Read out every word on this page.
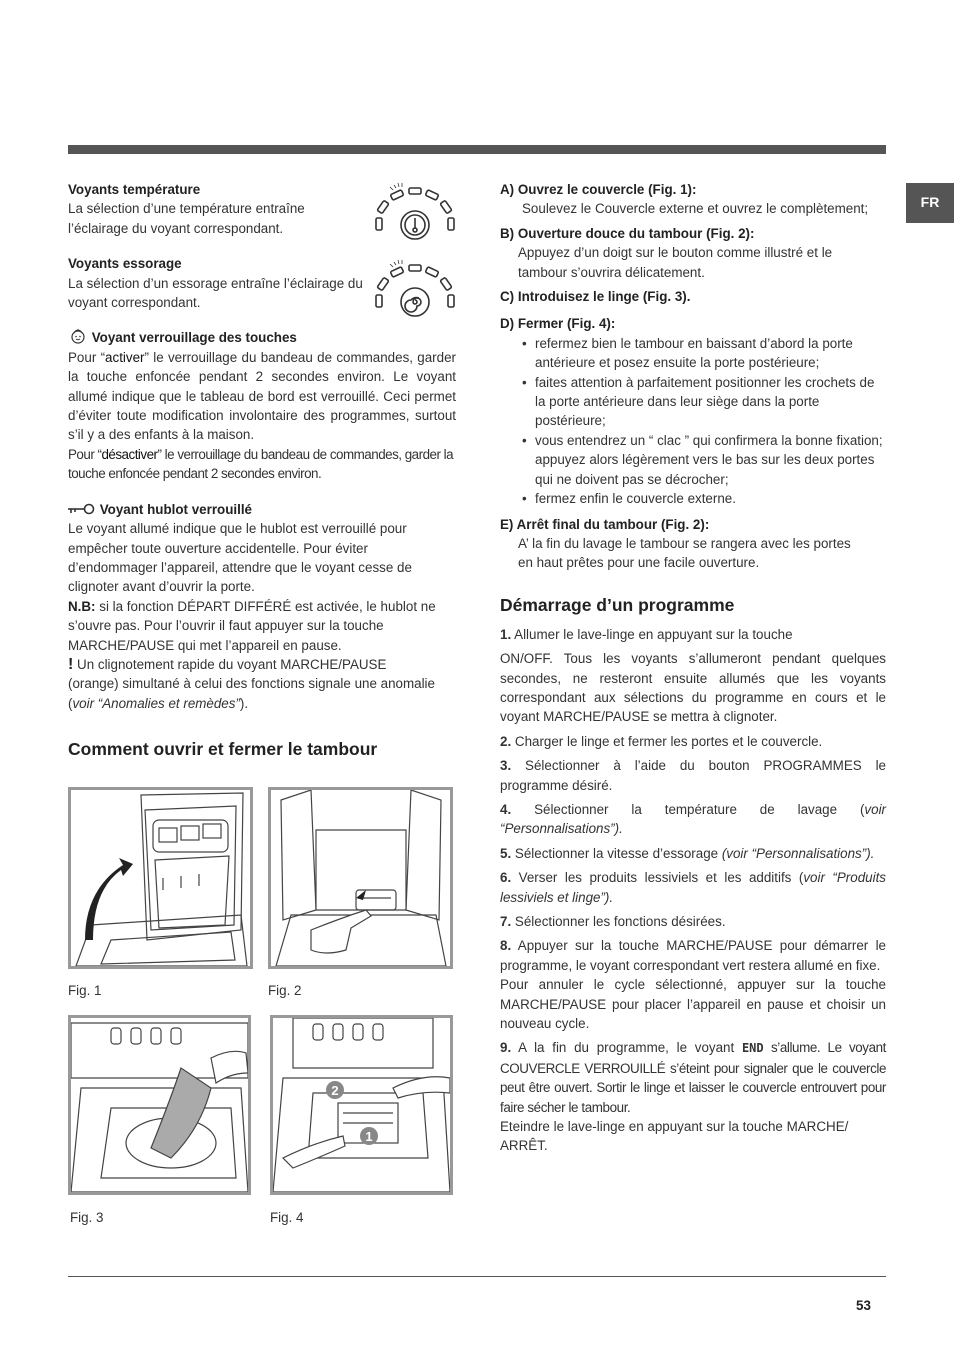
FR

Voyants température

La sélection d’une température entraîne l’éclairage du voyant correspondant.

Voyants essorage

La sélection d’un essorage entraîne l’éclairage du voyant correspondant.

Voyant verrouillage des touches

Pour “activer” le verrouillage du bandeau de commandes, garder la touche enfoncée pendant 2 secondes environ. Le voyant allumé indique que le tableau de bord est verrouillé. Ceci permet d’éviter toute modification involontaire des programmes, surtout s’il y a des enfants à la maison.

Pour “désactiver” le verrouillage du bandeau de commandes, garder la touche enfoncée pendant 2 secondes environ.

Voyant hublot verrouillé

Le voyant allumé indique que le hublot est verrouillé pour empêcher toute ouverture accidentelle. Pour éviter d’endommager l’appareil, attendre que le voyant cesse de clignoter avant d’ouvrir la porte.

N.B: si la fonction DÉPART DIFFÉRÉ est activée, le hublot ne s’ouvre pas. Pour l’ouvrir il faut appuyer sur la touche MARCHE/PAUSE qui met l’appareil en pause.

! Un clignotement rapide du voyant MARCHE/PAUSE (orange) simultané à celui des fonctions signale une anomalie (voir “Anomalies et remèdes”).

Comment ouvrir et fermer le tambour

Fig. 1	Fig. 2
Fig. 3
2
1
Fig. 4

A) Ouvrez le couvercle (Fig. 1):

Soulevez le Couvercle externe et ouvrez le complètement;

B) Ouverture douce du tambour (Fig. 2):

Appuyez d’un doigt sur le bouton comme illustré et le tambour s’ouvrira délicatement.

C) Introduisez le linge (Fig. 3).

D) Fermer (Fig. 4):

• refermez bien le tambour en baissant d’abord la porte antérieure et posez ensuite la porte postérieure;

• faites attention à parfaitement positionner les crochets de la porte antérieure dans leur siège dans la porte postérieure;

• vous entendrez un “ clac ” qui confirmera la bonne fixation; appuyez alors légèrement vers le bas sur les deux portes qui ne doivent pas se décrocher;

• fermez enfin le couvercle externe.

E) Arrêt final du tambour (Fig. 2):

A’ la fin du lavage le tambour se rangera avec les portes en haut prêtes pour une facile ouverture.

Démarrage d’un programme

1. Allumer le lave-linge en appuyant sur la touche

ON/OFF. Tous les voyants s’allumeront pendant quelques secondes, ne resteront ensuite allumés que les voyants correspondant aux sélections du programme en cours et le voyant MARCHE/PAUSE se mettra à clignoter.

2. Charger le linge et fermer les portes et le couvercle.

3. Sélectionner à l’aide du bouton PROGRAMMES le programme désiré.

4. Sélectionner la température de lavage (voir “Personnalisations”).

5. Sélectionner la vitesse d’essorage (voir “Personnalisations”).

6. Verser les produits lessiviels et les additifs (voir “Produits lessiviels et linge”).

7. Sélectionner les fonctions désirées.

8. Appuyer sur la touche MARCHE/PAUSE pour démarrer le programme, le voyant correspondant vert restera allumé en fixe.

Pour annuler le cycle sélectionné, appuyer sur la touche MARCHE/PAUSE pour placer l’appareil en pause et choisir un nouveau cycle.

9. A la fin du programme, le voyant END s’allume. Le voyant COUVERCLE VERROUILLÉ s’éteint pour signaler que le couvercle peut être ouvert. Sortir le linge et laisser le couvercle entrouvert pour faire sécher le tambour.

Eteindre le lave-linge en appuyant sur la touche MARCHE/ ARRÊT.

53
